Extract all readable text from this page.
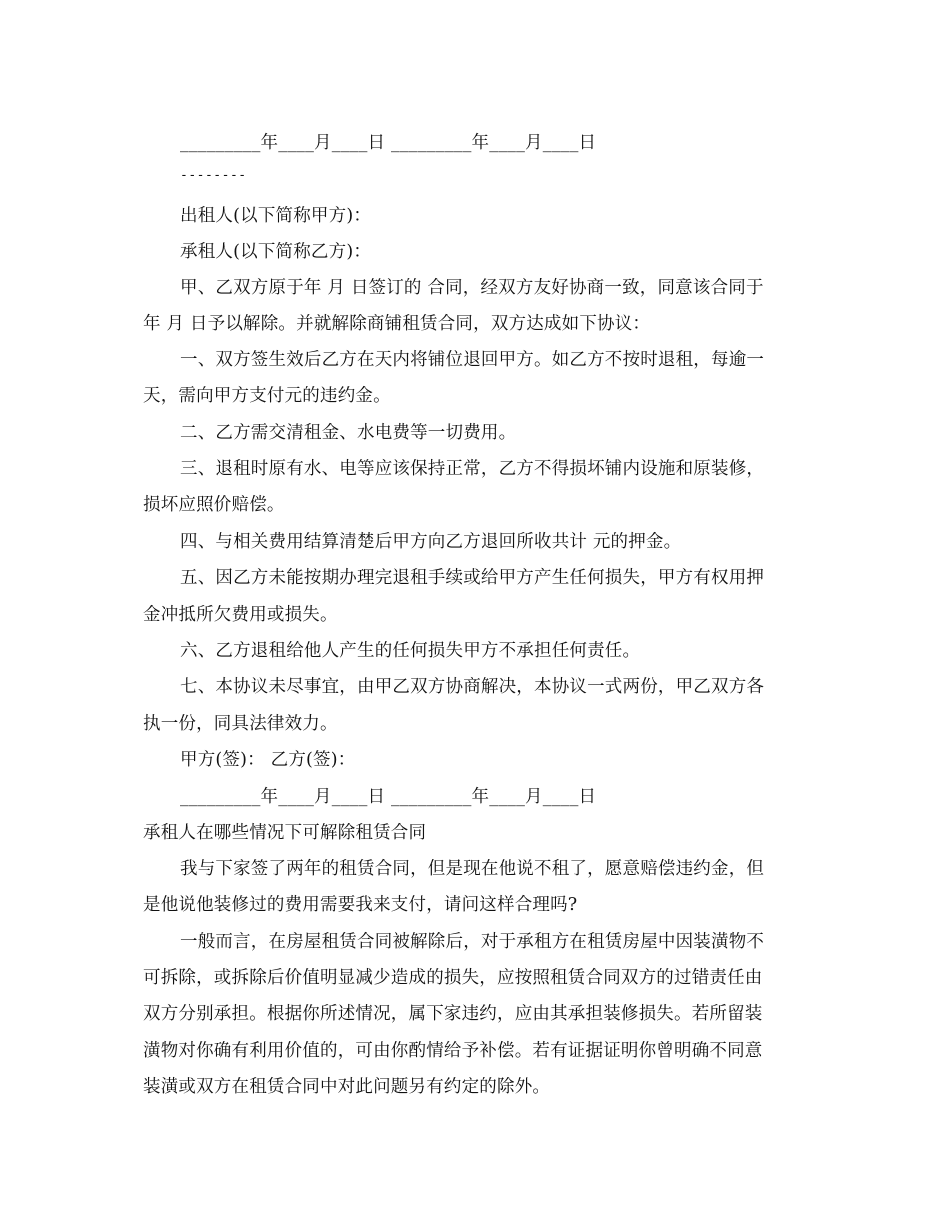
_________年____月____日 _________年____月____日
--------
出租人(以下简称甲方)：
承租人(以下简称乙方)：
甲、乙双方原于年 月 日签订的 合同，经双方友好协商一致，同意该合同于
年 月 日予以解除。并就解除商铺租赁合同，双方达成如下协议：
一、双方签生效后乙方在天内将铺位退回甲方。如乙方不按时退租，每逾一
天，需向甲方支付元的违约金。
二、乙方需交清租金、水电费等一切费用。
三、退租时原有水、电等应该保持正常，乙方不得损坏铺内设施和原装修，
损坏应照价赔偿。
四、与相关费用结算清楚后甲方向乙方退回所收共计 元的押金。
五、因乙方未能按期办理完退租手续或给甲方产生任何损失，甲方有权用押
金冲抵所欠费用或损失。
六、乙方退租给他人产生的任何损失甲方不承担任何责任。
七、本协议未尽事宜，由甲乙双方协商解决，本协议一式两份，甲乙双方各
执一份，同具法律效力。
甲方(签)： 乙方(签)：
_________年____月____日 _________年____月____日
承租人在哪些情况下可解除租赁合同
我与下家签了两年的租赁合同，但是现在他说不租了，愿意赔偿违约金，但
是他说他装修过的费用需要我来支付，请问这样合理吗?
一般而言，在房屋租赁合同被解除后，对于承租方在租赁房屋中因装潢物不
可拆除，或拆除后价值明显减少造成的损失，应按照租赁合同双方的过错责任由
双方分别承担。根据你所述情况，属下家违约，应由其承担装修损失。若所留装
潢物对你确有利用价值的，可由你酌情给予补偿。若有证据证明你曾明确不同意
装潢或双方在租赁合同中对此问题另有约定的除外。
